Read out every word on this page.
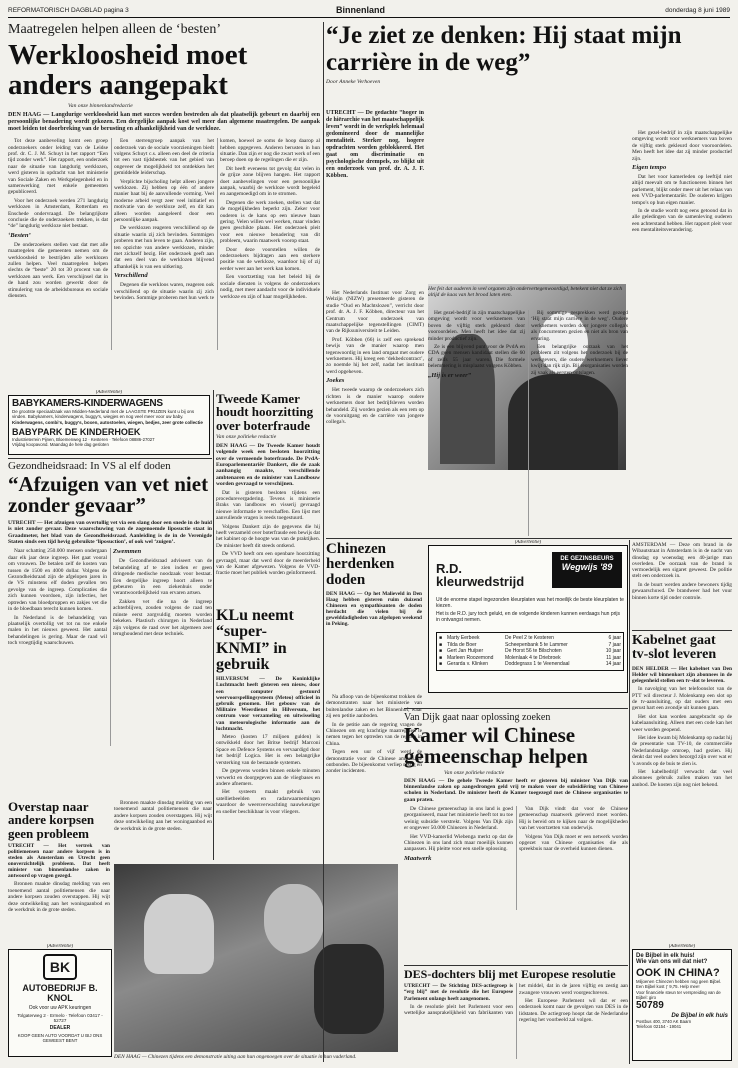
REFORMATORISCH DAGBLAD pagina 3	Binnenland	donderdag 8 juni 1989
Maatregelen helpen alleen de ‘besten’
Werkloosheid moet anders aangepakt
Van onze binnenlandredactie
DEN HAAG — Langdurige werkloosheid kan met succes worden bestreden als dat plaatselijk gebeurt en daarbij een persoonlijke benadering wordt gekozen. Een dergelijke aanpak kost wel meer dan algemene maatregelen. De aanpak moet leiden tot doorbreking van de berusting en afhankelijkheid van de werkloze.

Tot deze aanbeveling komt een groep onderzoekers onder leiding van de Leidse prof. dr. C. J. M. Schuyt in het rapport “Een tijd zonder werk”. Het rapport, een onderzoek naar de situatie van langdurig werklozen, werd gisteren in opdracht van het ministerie van Sociale Zaken en Werkgelegenheid en in samenwerking met enkele gemeenten gepubliceerd.

Voor het onderzoek werden 271 langdurig werklozen in Amsterdam, Rotterdam en Enschede ondervraagd. De belangrijkste conclusie die de onderzoekers trekken, is dat “de” langdurig werkloze niet bestaat.

‘Besten’

De onderzoekers stellen vast dat met alle maatregelen die gemeenten nemen om de werkloosheid te bestrijden alle werklozen zullen helpen. Veel maatregelen helpen slechts de “beste” 20 tot 30 procent van de werklozen aan werk. Een verschijnsel dat in de hand zou worden gewerkt door de stimulering van de arbeidsbureaus en sociale diensten.

Een sterrengroep aanpak van het onderzoek van de sociale voorzieningen biedt volgens Schuyt c.s. alleen een deel de criteria tot een vast tijdsbestek van het gebied van ongeveer de mogelijkheid tot ontdekken het gemiddelde leiderschap.

Verplichte bijscholing helpt alleen jongere werklozen. Zij hebben op één of andere manier baat bij de aanvullende vorming. Veel moderne arbeid vergt zeer veel initiatief en motivatie van de werkloze zelf, en dit kan alleen worden aangeleerd door een persoonlijke aanpak.

De werklozen reageren verschillend op de situatie waarin zij zich bevinden. Sommigen proberen met hun leven te gaan. Anderen zijn, ten opzichte van andere werklozen, minder met zichzelf bezig. Het onderzoek geeft aan dat een deel van de werklozen blijvend afhankelijk is van een uitkering.

Verschillend

Degenen die werkloos waren, reageren ook verschillend op de situatie waarin zij zich bevinden. Sommige proberen met hun werk te komen, hoewel ze soms de hoop daarop al hebben opgegeven. Anderen berusten in hun situatie. Dan zijn er nog die zwart werk of een beroep doen op de regelingen die er zijn.

Dit heeft eveneens tot gevolg dat velen in de grijze zone blijven hangen. Het rapport doet aanbevelingen voor een persoonlijke aanpak, waarbij de werkloze wordt begeleid en aangemoedigd om in te stromen.

Degenen die werk zoeken, stellen vast dat de mogelijkheden beperkt zijn. Zeker voor ouderen is de kans op een nieuwe baan gering. Velen willen wel werken, maar vinden geen geschikte plaats. Het onderzoek pleit voor een nieuwe benadering van dit probleem, waarin maatwerk voorop staat.

Door deze voorstellen willen de onderzoekers bijdragen aan een sterkere positie van de werkloze, waardoor hij of zij eerder weer aan het werk kan komen.

Een voortzetting van het beleid bij de sociale diensten is volgens de onderzoekers nodig, met meer aandacht voor de individuele werkloze en zijn of haar mogelijkheden.

(Advertentie)
BABYKAMERS-KINDERWAGENS
De grootste speciaalzaak van Midden-Nederland met de LAAGSTE PRIJZEN kunt u bij ons vinden. Babykamers, kinderwagens, buggy's, wiegjes en nog veel meer voor uw baby.
Kinderwagens, combi's, buggy's, boxen, autostoelen, wiegen, bedjes, zeer grote collectie
BABYPARK DE KINDERHOEK
Industrieterrein Pijnen, Bloemenweg 12 · Kesteren · Telefoon 08886-27027
Vrijdag koopavond. Maandag de hele dag gesloten
Tweede Kamer houdt hoorzitting over boterfraude
Van onze politieke redactie
DEN HAAG — De Tweede Kamer houdt volgende week een besloten hoorzitting over de vermeende boterfraude. De PvdA-Europarlementariër Dankert, die de zaak aanhangig maakte, verschillende ambtenaren en de minister van Landbouw worden gevraagd te verschijnen.

Dat is gisteren besloten tijdens een procedurevergadering. Tevens is ministerie Braks van landbouw en visserij gevraagd nieuwe informatie te verschaffen. Een lijst met aanvullende vragen is reeds toegestuurd.

Volgens Dankert zijn de gegevens die hij heeft verzameld over boterfraude een bewijs dat het kabinet op de hoogte was van de praktijken. De minister heeft dit steeds ontkend.

De VVD heeft om een openbare hoorzitting gevraagd, maar dat werd door de meerderheid van de Kamer afgewezen. Volgens de VVD-fractie moet het publiek worden geïnformeerd.

Gezondheidsraad: In VS al elf doden
“Afzuigen van vet niet zonder gevaar”
UTRECHT — Het afzuigen van overtollig vet via een slang door een snede in de huid is niet zonder gevaar. Deze waarschuwing van de zogenoemde liposuctie staat in Graadmeter, het blad van de Gezondheidsraad. Aanleiding is de in de Verenigde Staten sinds een tijd hevig gebruikte ‘liposuction’, of ook wel ‘zuigen’.

Naar schatting 250.000 mensen ondergaan daar elk jaar deze ingreep. Het gaat vooral om vrouwen. De betalen zelf de kosten van tussen de 1500 en 4000 dollar. Volgens de Gezondheidsraad zijn de afgelopen jaren in de VS minstens elf doden gevallen ten gevolge van de ingreep. Complicaties die zich kunnen voordoen, zijn infecties, het optreden van bloedproppen en zakjes vet die in de bloedbaan terecht kunnen komen.

In Nederland is de behandeling van plaatselijk overtollig vet tot nu toe enkele malen in het nieuws geweest. Het aantal behandelingen is gering. Maar de raad wil toch vroegtijdig waarschuwen.

Zwemmen

De Gezondheidsraad adviseert van de behandeling af te zien indien er geen dringende medische noodzaak voor bestaat. Een dergelijke ingreep hoort alleen te gebeuren in een ziekenhuis onder verantwoordelijkheid van ervaren artsen.

Zakken vet die na de ingreep achterblijven, zouden volgens de raad ten minste eerst zorgvuldig moeten worden bekeken. Plastisch chirurgen in Nederland zijn volgens de raad over het algemeen zeer terughoudend met deze techniek.

Overstap naar andere korpsen geen probleem
UTRECHT — Het vertrek van politiemensen naar andere korpsen is in steden als Amsterdam en Utrecht geen onoverzichtelijk probleem. Dat heeft minister van binnenlandse zaken in antwoord op vragen gezegd.

Bronnen maakte dinsdag melding van een toenemend aantal politiemensen die naar andere korpsen zouden overstappen. Hij wijt deze ontwikkeling aan het woningaanbod en de werkdruk in de grote steden.

Bronnen maakte dinsdag melding van een toenemend aantal politiemensen die naar andere korpsen zouden overstappen. Hij wijt deze ontwikkeling aan het woningaanbod en de werkdruk in de grote steden.

(Advertentie)
BK
AUTOBEDRIJF B. KNOL
Ook voor uw APK keuringen
Tolgaterweg 2 · Ermelo · Telefoon 03417 - 52727
DEALER
KOOP GEEN AUTO VOORDAT U BIJ ONS GEWEEST BENT
KLu neemt “super-KNMI” in gebruik
HILVERSUM — De Koninklijke Luchtmacht heeft gisteren een nieuw, door een computer gestuurd weervoorspellingsysteem (Meteo) officieel in gebruik genomen. Het gebouw van de Militaire Weerdienst in Hilversum, het centrum voor verzameling en uitwisseling van meteorologische informatie aan de luchtmacht.

Meteo (kosten 17 miljoen gulden) is ontwikkeld door het Britse bedrijf Marconi Space en Defence Systems en vervaardigd door het bedrijf Logica. Het is een belangrijke versterking van de bestaande systemen.

De gegevens worden binnen enkele minuten verwerkt en doorgegeven aan de vliegbases en andere afnemers.

Het systeem maakt gebruik van satellietbeelden en radarwaarnemingen waardoor de weersverwachting nauwkeuriger en sneller beschikbaar is voor vliegers.

DEN HAAG — Chinezen tijdens een demonstratie uiting aan hun ongenoegen over de situatie in hun vaderland.
“Je ziet ze denken: Hij staat mijn carrière in de weg”
Door Anneke Verhoeven
UTRECHT — De gedachte “hoger in de hiërarchie van het maatschappelijk leven” wordt in de werkplek helemaal gedomineerd door de mannelijke mentaliteit. Sterker nog, hogere opdrachten worden geblokkeerd. Het gaat om discriminatie en psychologische drempels, zo blijkt uit een onderzoek van prof. dr. A. J. F. Köbben.
Het feit dat ouderen in veel organen zijn ondervertegenwoordigd, betekent niet dat ze zich altijd de kaas van het brood laten eten.

Het Nederlands Instituut voor Zorg en Welzijn (NIZW) presenteerde gisteren de studie “Oud en Machtslozen”, verricht door prof. dr. A. J. F. Köbben, directeur van het Centrum voor onderzoek van maatschappelijke tegenstellingen (CIMT) van de Rijksuniversiteit te Leiden.

Prof. Köbben (66) is zelf een sprekend bewijs van de manier waarop men tegenwoordig in een land omgaat met oudere werknemers. Hij kreeg een ‘dekbedcontract’, zo noemde hij het zelf, nadat het instituut werd opgeheven.

Joekes

Het tweede waarop de onderzoekers zich richten is de manier waarop oudere werknemers door het bedrijfsleven worden behandeld. Zij worden gezien als een rem op de vooruitgang en de carrière van jongere collega's.

Het gezel-bedrijf in zijn maatschappelijke omgeving wordt voor werknemers van boven de vijftig sterk gekleurd door vooroordelen. Men heeft het idee dat zij minder productief zijn.

Ze is een blijvend punt voor de PvdA en CDA geen mensen kandidaat stellen die 60 of zelfs 55 jaar waren. Die formele belemmering is misplaatst volgens Köbben.

„Hij is er weer”

Bij sommige gesprekken werd gezegd ‘Hij staat mijn carrière in de weg’. Oudere werknemers worden door jongere collega's als concurrenten gezien en niet als bron van ervaring.

Een belangrijke oorzaak van het probleem zit volgens het onderzoek bij de werkgevers, die oudere werknemers liever kwijt dan rijk zijn. Bij reorganisaties worden zij vaak als eersten ontslagen.

Het gezel-bedrijf in zijn maatschappelijke omgeving wordt voor werknemers van boven de vijftig sterk gekleurd door vooroordelen. Men heeft het idee dat zij minder productief zijn.

Eigen tempo

Dat het voor kamerleden op leeftijd niet altijd meevalt om te functioneren binnen het parlement, blijkt onder meer uit het relaas van een VVD-parlementariër. De ouderen krijgen tempo's op hun eigen manier.

In de studie wordt nog eens getoond dat in alle geledingen van de samenleving ouderen een achterstand hebben. Het rapport pleit voor een mentaliteitsverandering.

Chinezen herdenken doden
DEN HAAG — Op het Malieveld in Den Haag hebben gisteren ruim duizend Chinezen en sympathisanten de doden herdacht die vielen bij de gewelddadigheden van afgelopen weekend in Peking.

Na afloop van de bijeenkomst trokken de demonstranten naar het ministerie van buitenlandse zaken en het Binnenhof, waar zij een petitie aanboden.

In de petitie aan de regering vragen de Chinezen om erg krachtige maatregelen te nemen tegen het optreden van de regime in China.

Tegen een uur of vijf werd de demonstratie voor de Chinese ambassade ontbonden. De bijeenkomst verliep rustig en zonder incidenten.

(Advertentie)
R.D. kleurwedstrijd
DE GEZINSBEURS
Wegwijs '89
Uit de enorme stapel ingezonden kleurplaten was het moeilijk de beste kleurplaten te kiezen.
Het is de R.D. jury toch gelukt, en de volgende kinderen kunnen eerdaags hun prijs in ontvangst nemen.
■ Marty Eerbeek	De Peel 2 te Kesteren	6 jaar
■ Tilda de Boer	Scheepenbank 5 te Lammer	7 jaar
■ Gert Jan Huijser	De Horst 56 te Bilschoten	10 jaar
■ Marleen Roozemond	Molenlaak 4 te Driebroek	11 jaar
■ Gerarda v. Klinken	Doddegrass 1 te Veenendaal	14 jaar

AMSTERDAM — Deze om brand in de Wibautstraat in Amsterdam is in de nacht van dinsdag op woensdag een 40-jarige man overleden. De oorzaak van de brand is vermoedelijk een sigaret geweest. De politie stelt een onderzoek in.

In de buurt werden andere bewoners tijdig gewaarschuwd. De brandweer had het vuur binnen korte tijd onder controle.

Kabelnet gaat tv-slot leveren
DEN HELDER — Het kabelnet van Den Helder wil binnenkort zijn abonnees in de gelegenheid stellen een tv-slot te leveren.

In navolging van het telefoonslot van de PTT wil directeur J. Molenkamp een slot op de tv-aansluiting, op dat ouders met een gerust hart een avondje uit kunnen gaan.

Het slot kan worden aangebracht op de kabelaansluiting. Alleen met een code kan het weer worden geopend.

Het idee kwam bij Molenkamp op nadat hij de presentatie van TV-10, de commerciële Nederlandstalige omroep, had gezien. Hij denkt dat veel ouders bezorgd zijn over wat er 's avonds op de buis te zien is.

Het kabelbedrijf verwacht dat veel abonnees gebruik zullen maken van het aanbod. De kosten zijn nog niet bekend.

Van Dijk gaat naar oplossing zoeken
Kamer wil Chinese gemeenschap helpen
Van onze politieke redactie
DEN HAAG — De gehele Tweede Kamer heeft er gisteren bij minister Van Dijk van binnenlandse zaken op aangedrongen geld vrij te maken voor de subsidiëring van Chinese scholen in Nederland. De minister heeft de Kamer toegezegd met de Chinese organisaties te gaan praten.

De Chinese gemeenschap in ons land is goed georganiseerd, maar het ministerie heeft tot nu toe weinig subsidie verstrekt. Volgens Van Dijk zijn er ongeveer 50.000 Chinezen in Nederland.

Het VVD-kamerlid Wiebenga merkt op dat de Chinezen in ons land zich maar moeilijk kunnen aanpassen. Hij pleitte voor een snelle oplossing.

Maatwerk

Van Dijk vindt dat voor de Chinese gemeenschap maatwerk geleverd moet worden. Hij is bereid om te kijken naar de mogelijkheden van het voortzetten van onderwijs.

Volgens Van Dijk moet er een netwerk worden opgezet van Chinese organisaties die als spreekbuis naar de overheid kunnen dienen.

DES-dochters blij met Europese resolutie

UTRECHT — De Stichting DES-actiegroep is “erg blij” met de resolutie die het Europese Parlement onlangs heeft aangenomen.

In de resolutie pleit het Parlement voor een wettelijke aansprakelijkheid van fabrikanten van het middel, dat in de jaren vijftig en zestig aan zwangere vrouwen werd voorgeschreven.

Het Europese Parlement wil dat er een onderzoek komt naar de gevolgen van DES in de lidstaten. De actiegroep hoopt dat de Nederlandse regering het voorbeeld zal volgen.

(Advertentie)
De Bijbel in elk huis!
Wie van ons wil dat niet?
OOK IN CHINA?
Miljoenen Chinezen hebben nog geen Bijbel. Een Bijbel kost ƒ 9,75. Help mee!
Voor financiële steun ter verspreiding van de Bijbel: giro
50789
De Bijbel in elk huis
Postbus 400, 3740 AK Baarn
Telefoon 02154 - 19041
